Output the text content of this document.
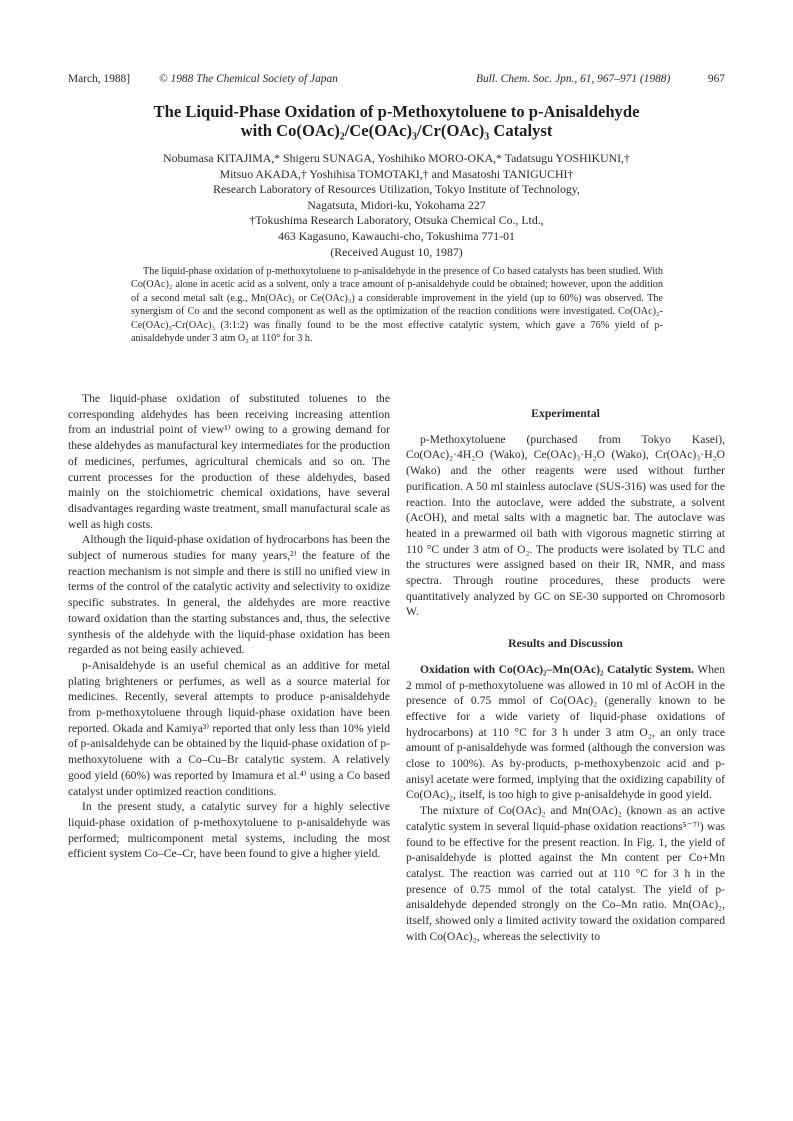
March, 1988]	© 1988 The Chemical Society of Japan	Bull. Chem. Soc. Jpn., 61, 967–971 (1988)	967
The Liquid-Phase Oxidation of p-Methoxytoluene to p-Anisaldehyde
with Co(OAc)₂/Ce(OAc)₃/Cr(OAc)₃ Catalyst
Nobumasa KITAJIMA,* Shigeru SUNAGA, Yoshihiko MORO-OKA,* Tadatsugu YOSHIKUNI,†
Mitsuo AKADA,† Yoshihisa TOMOTAKI,† and Masatoshi TANIGUCHI†
Research Laboratory of Resources Utilization, Tokyo Institute of Technology,
Nagatsuta, Midori-ku, Yokohama 227
†Tokushima Research Laboratory, Otsuka Chemical Co., Ltd.,
463 Kagasuno, Kawauchi-cho, Tokushima 771-01
(Received August 10, 1987)

The liquid-phase oxidation of p-methoxytoluene to p-anisaldehyde in the presence of Co based catalysts has been studied. With Co(OAc)₂ alone in acetic acid as a solvent, only a trace amount of p-anisaldehyde could be obtained; however, upon the addition of a second metal salt (e.g., Mn(OAc)₂ or Ce(OAc)₃) a considerable improvement in the yield (up to 60%) was observed. The synergism of Co and the second component as well as the optimization of the reaction conditions were investigated. Co(OAc)₂-Ce(OAc)₃-Cr(OAc)₃ (3:1:2) was finally found to be the most effective catalytic system, which gave a 76% yield of p-anisaldehyde under 3 atm O₂ at 110° for 3 h.

The liquid-phase oxidation of substituted toluenes to the corresponding aldehydes has been receiving increasing attention from an industrial point of view¹⁾ owing to a growing demand for these aldehydes as manufactural key intermediates for the production of medicines, perfumes, agricultural chemicals and so on. The current processes for the production of these aldehydes, based mainly on the stoichiometric chemical oxidations, have several disadvantages regarding waste treatment, small manufactural scale as well as high costs.

Although the liquid-phase oxidation of hydrocarbons has been the subject of numerous studies for many years,²⁾ the feature of the reaction mechanism is not simple and there is still no unified view in terms of the control of the catalytic activity and selectivity to oxidize specific substrates. In general, the aldehydes are more reactive toward oxidation than the starting substances and, thus, the selective synthesis of the aldehyde with the liquid-phase oxidation has been regarded as not being easily achieved.

p-Anisaldehyde is an useful chemical as an additive for metal plating brighteners or perfumes, as well as a source material for medicines. Recently, several attempts to produce p-anisaldehyde from p-methoxytoluene through liquid-phase oxidation have been reported. Okada and Kamiya³⁾ reported that only less than 10% yield of p-anisaldehyde can be obtained by the liquid-phase oxidation of p-methoxytoluene with a Co–Cu–Br catalytic system. A relatively good yield (60%) was reported by Imamura et al.⁴⁾ using a Co based catalyst under optimized reaction conditions.

In the present study, a catalytic survey for a highly selective liquid-phase oxidation of p-methoxytoluene to p-anisaldehyde was performed; multicomponent metal systems, including the most efficient system Co–Ce–Cr, have been found to give a higher yield.

Experimental

p-Methoxytoluene (purchased from Tokyo Kasei), Co(OAc)₂·4H₂O (Wako), Ce(OAc)₃·H₂O (Wako), Cr(OAc)₃·H₂O (Wako) and the other reagents were used without further purification. A 50 ml stainless autoclave (SUS-316) was used for the reaction. Into the autoclave, were added the substrate, a solvent (AcOH), and metal salts with a magnetic bar. The autoclave was heated in a prewarmed oil bath with vigorous magnetic stirring at 110 °C under 3 atm of O₂. The products were isolated by TLC and the structures were assigned based on their IR, NMR, and mass spectra. Through routine procedures, these products were quantitatively analyzed by GC on SE-30 supported on Chromosorb W.

Results and Discussion

Oxidation with Co(OAc)₂–Mn(OAc)₂ Catalytic System. When 2 mmol of p-methoxytoluene was allowed in 10 ml of AcOH in the presence of 0.75 mmol of Co(OAc)₂ (generally known to be effective for a wide variety of liquid-phase oxidations of hydrocarbons) at 110 °C for 3 h under 3 atm O₂, an only trace amount of p-anisaldehyde was formed (although the conversion was close to 100%). As by-products, p-methoxybenzoic acid and p-anisyl acetate were formed, implying that the oxidizing capability of Co(OAc)₂, itself, is too high to give p-anisaldehyde in good yield.

The mixture of Co(OAc)₂ and Mn(OAc)₂ (known as an active catalytic system in several liquid-phase oxidation reactions⁵⁻⁷⁾) was found to be effective for the present reaction. In Fig. 1, the yield of p-anisaldehyde is plotted against the Mn content per Co+Mn catalyst. The reaction was carried out at 110 °C for 3 h in the presence of 0.75 mmol of the total catalyst. The yield of p-anisaldehyde depended strongly on the Co–Mn ratio. Mn(OAc)₂, itself, showed only a limited activity toward the oxidation compared with Co(OAc)₂, whereas the selectivity to
